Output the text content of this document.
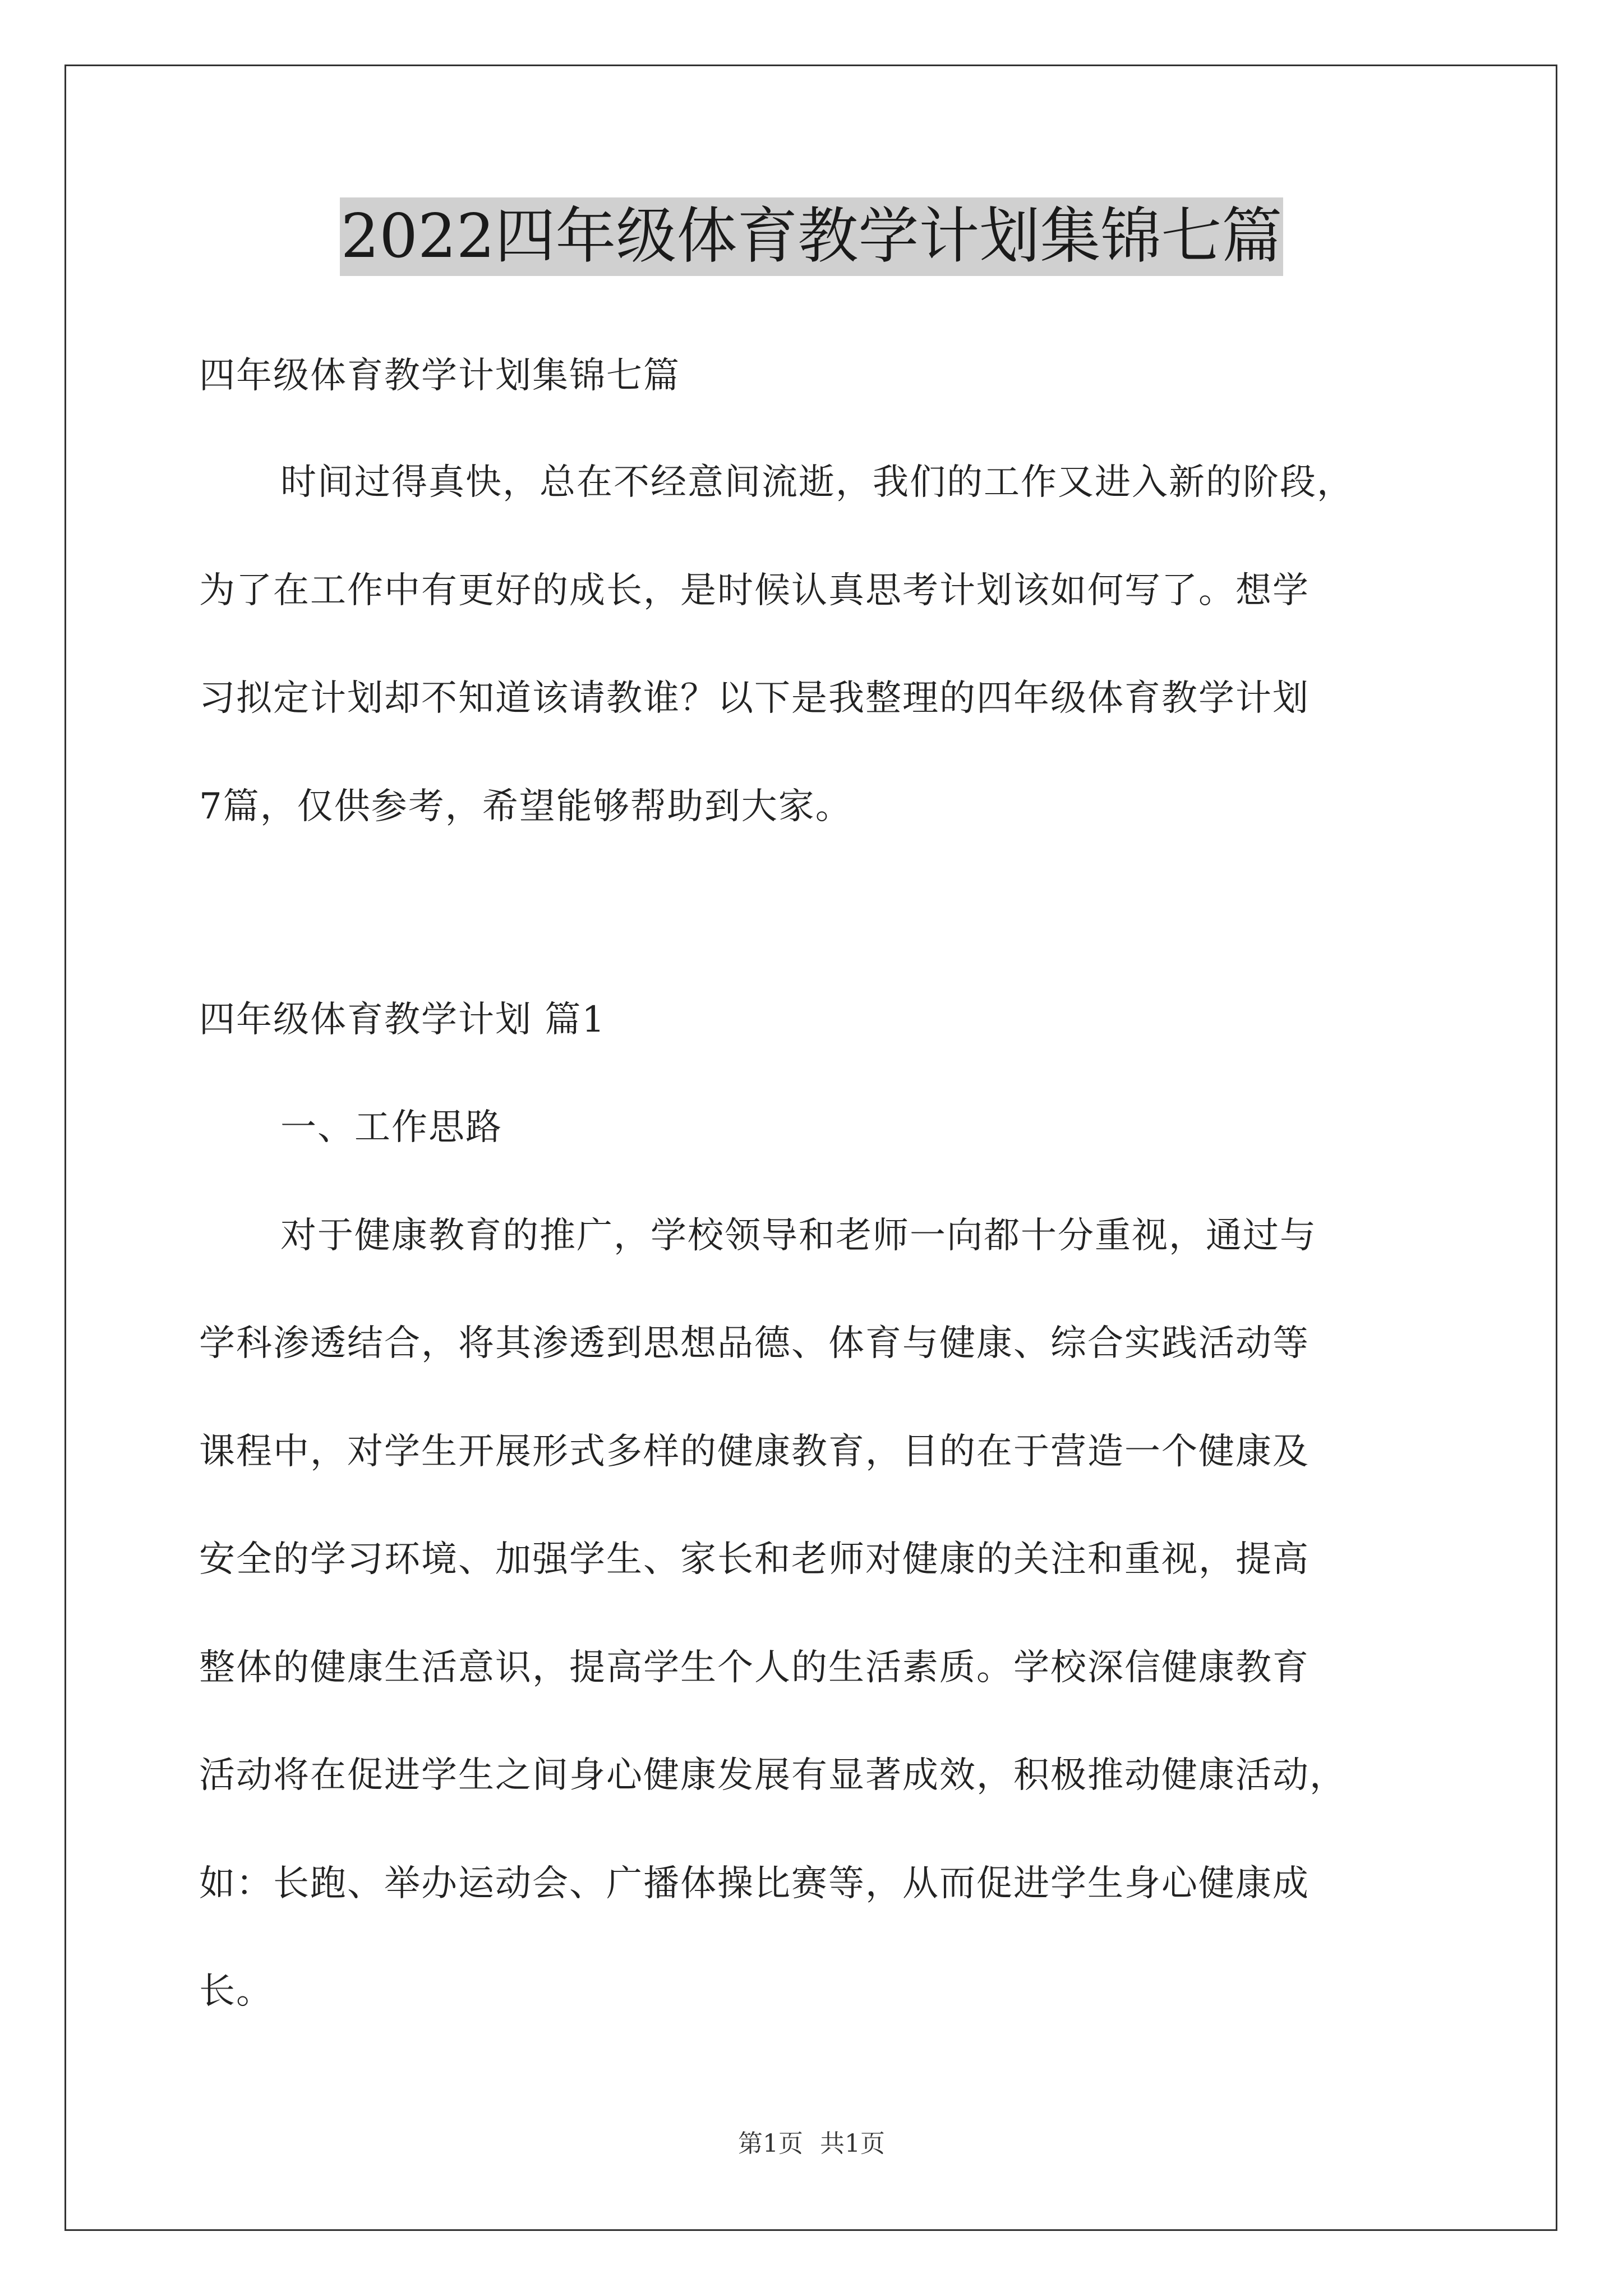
2022四年级体育教学计划集锦七篇
四年级体育教学计划集锦七篇
时间过得真快，总在不经意间流逝，我们的工作又进入新的阶段，
为了在工作中有更好的成长，是时候认真思考计划该如何写了。想学
习拟定计划却不知道该请教谁？以下是我整理的四年级体育教学计划
7篇，仅供参考，希望能够帮助到大家。
四年级体育教学计划 篇1
一、工作思路
对于健康教育的推广，学校领导和老师一向都十分重视，通过与
学科渗透结合，将其渗透到思想品德、体育与健康、综合实践活动等
课程中，对学生开展形式多样的健康教育，目的在于营造一个健康及
安全的学习环境、加强学生、家长和老师对健康的关注和重视，提高
整体的健康生活意识，提高学生个人的生活素质。学校深信健康教育
活动将在促进学生之间身心健康发展有显著成效，积极推动健康活动，
如：长跑、举办运动会、广播体操比赛等，从而促进学生身心健康成
长。
第1页 共1页
